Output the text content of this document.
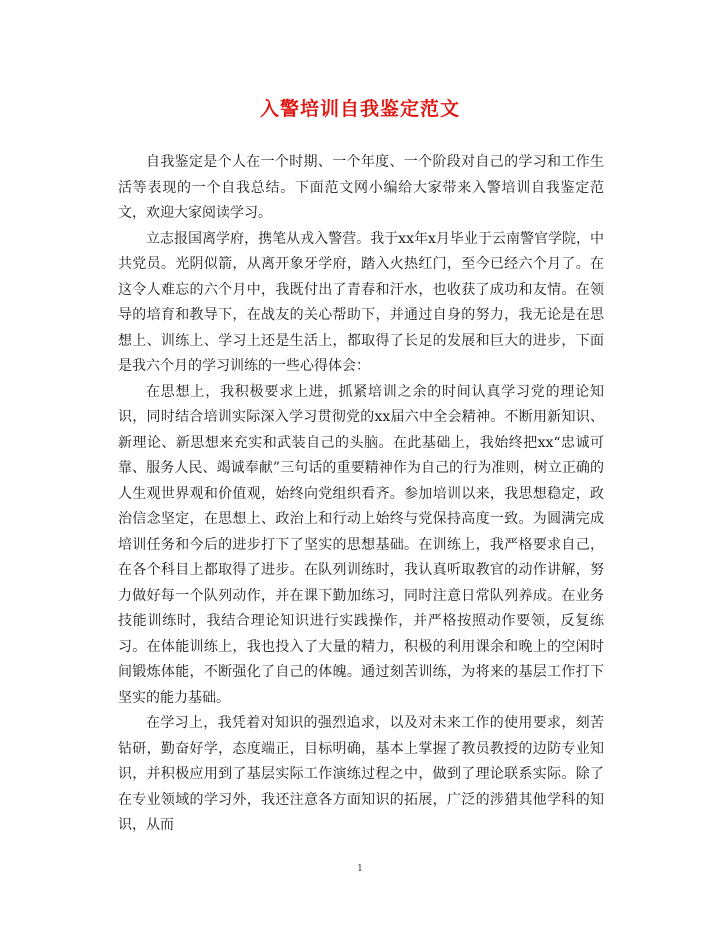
入警培训自我鉴定范文

自我鉴定是个人在一个时期、一个年度、一个阶段对自己的学习和工作生活等表现的一个自我总结。下面范文网小编给大家带来入警培训自我鉴定范文，欢迎大家阅读学习。

立志报国离学府，携笔从戎入警营。我于xx年x月毕业于云南警官学院，中共党员。光阴似箭，从离开象牙学府，踏入火热红门，至今已经六个月了。在这令人难忘的六个月中，我既付出了青春和汗水，也收获了成功和友情。在领导的培育和教导下，在战友的关心帮助下，并通过自身的努力，我无论是在思想上、训练上、学习上还是生活上，都取得了长足的发展和巨大的进步，下面是我六个月的学习训练的一些心得体会：

在思想上，我积极要求上进，抓紧培训之余的时间认真学习党的理论知识，同时结合培训实际深入学习贯彻党的xx届六中全会精神。不断用新知识、新理论、新思想来充实和武装自己的头脑。在此基础上，我始终把xx“忠诚可靠、服务人民、竭诚奉献”三句话的重要精神作为自己的行为准则，树立正确的人生观世界观和价值观，始终向党组织看齐。参加培训以来，我思想稳定，政治信念坚定，在思想上、政治上和行动上始终与党保持高度一致。为圆满完成培训任务和今后的进步打下了坚实的思想基础。在训练上，我严格要求自己，在各个科目上都取得了进步。在队列训练时，我认真听取教官的动作讲解，努力做好每一个队列动作，并在课下勤加练习，同时注意日常队列养成。在业务技能训练时，我结合理论知识进行实践操作，并严格按照动作要领，反复练习。在体能训练上，我也投入了大量的精力，积极的利用课余和晚上的空闲时间锻炼体能，不断强化了自己的体魄。通过刻苦训练，为将来的基层工作打下坚实的能力基础。

在学习上，我凭着对知识的强烈追求，以及对未来工作的使用要求，刻苦钻研，勤奋好学，态度端正，目标明确，基本上掌握了教员教授的边防专业知识，并积极应用到了基层实际工作演练过程之中，做到了理论联系实际。除了在专业领域的学习外，我还注意各方面知识的拓展，广泛的涉猎其他学科的知识，从而

1
